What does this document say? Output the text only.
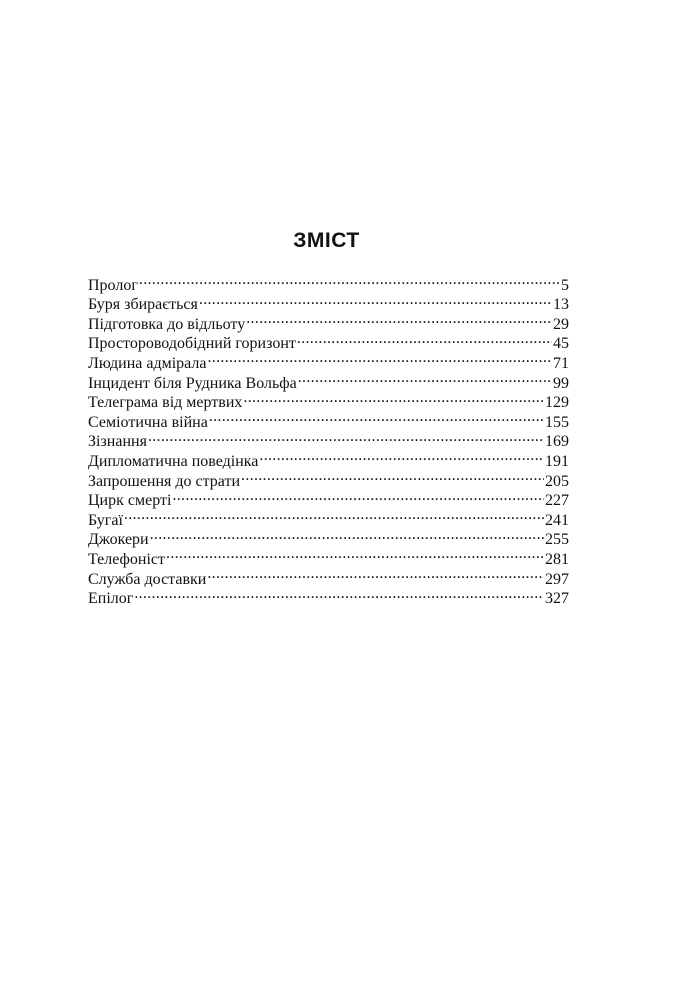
ЗМІСТ
Пролог .....	5
Буря збирається .....	13
Підготовка до відльоту .....	29
Простороводобідний горизонт .....	45
Людина адмірала .....	71
Інцидент біля Рудника Вольфа .....	99
Телеграма від мертвих .....	129
Семіотична війна .....	155
Зізнання .....	169
Дипломатична поведінка .....	191
Запрошення до страти .....	205
Цирк смерті .....	227
Бугаї .....	241
Джокери .....	255
Телефоніст .....	281
Служба доставки .....	297
Епілог .....	327
